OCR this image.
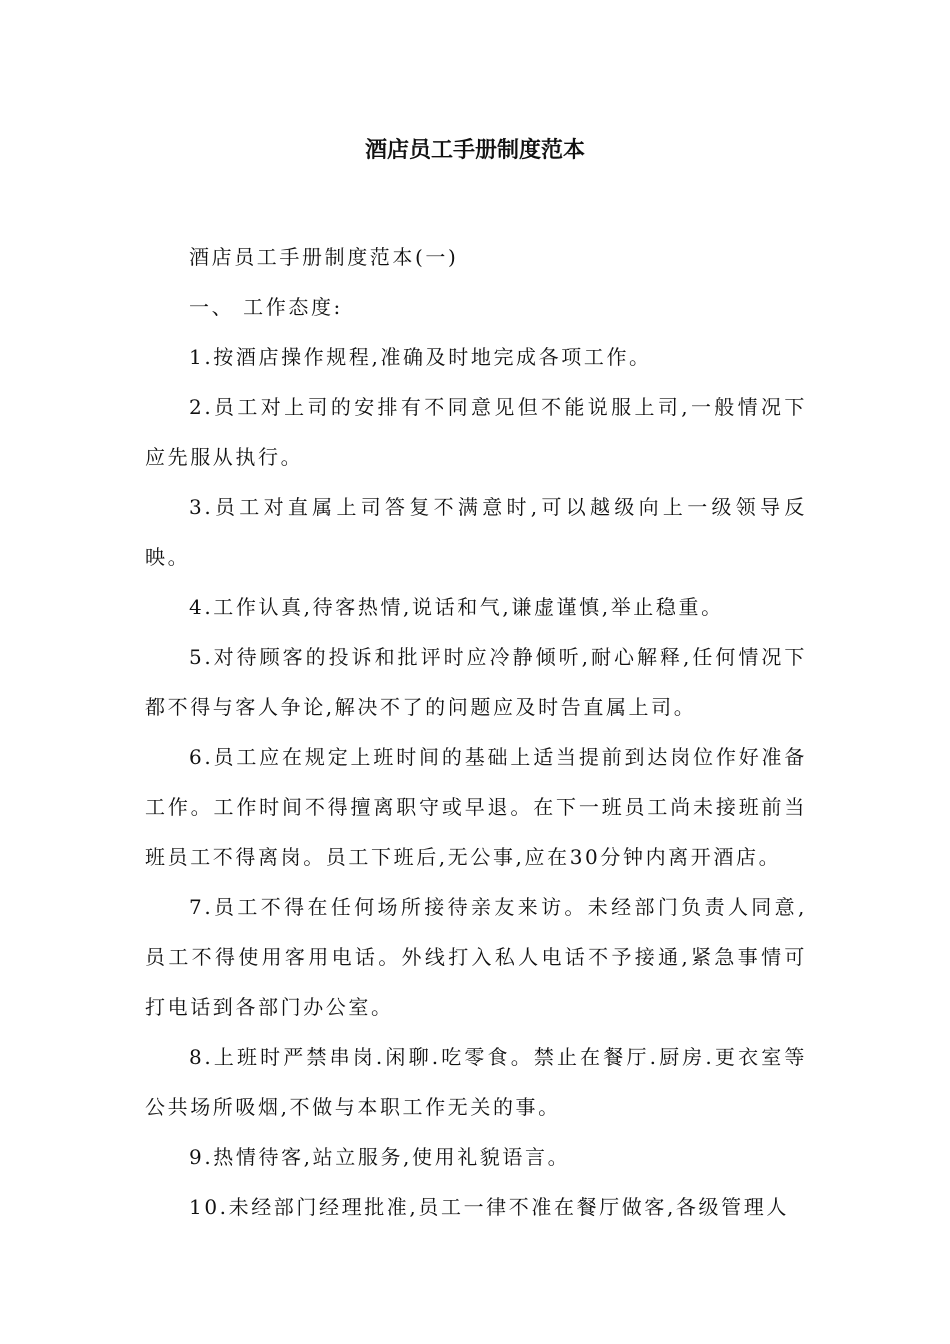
酒店员工手册制度范本

酒店员工手册制度范本(一)

一、 工作态度:

1.按酒店操作规程,准确及时地完成各项工作。

2.员工对上司的安排有不同意见但不能说服上司,一般情况下应先服从执行。

3.员工对直属上司答复不满意时,可以越级向上一级领导反映。

4.工作认真,待客热情,说话和气,谦虚谨慎,举止稳重。

5.对待顾客的投诉和批评时应冷静倾听,耐心解释,任何情况下都不得与客人争论,解决不了的问题应及时告直属上司。

6.员工应在规定上班时间的基础上适当提前到达岗位作好准备工作。工作时间不得擅离职守或早退。在下一班员工尚未接班前当班员工不得离岗。员工下班后,无公事,应在30分钟内离开酒店。

7.员工不得在任何场所接待亲友来访。未经部门负责人同意,员工不得使用客用电话。外线打入私人电话不予接通,紧急事情可打电话到各部门办公室。

8.上班时严禁串岗.闲聊.吃零食。禁止在餐厅.厨房.更衣室等公共场所吸烟,不做与本职工作无关的事。

9.热情待客,站立服务,使用礼貌语言。

10.未经部门经理批准,员工一律不准在餐厅做客,各级管理人
